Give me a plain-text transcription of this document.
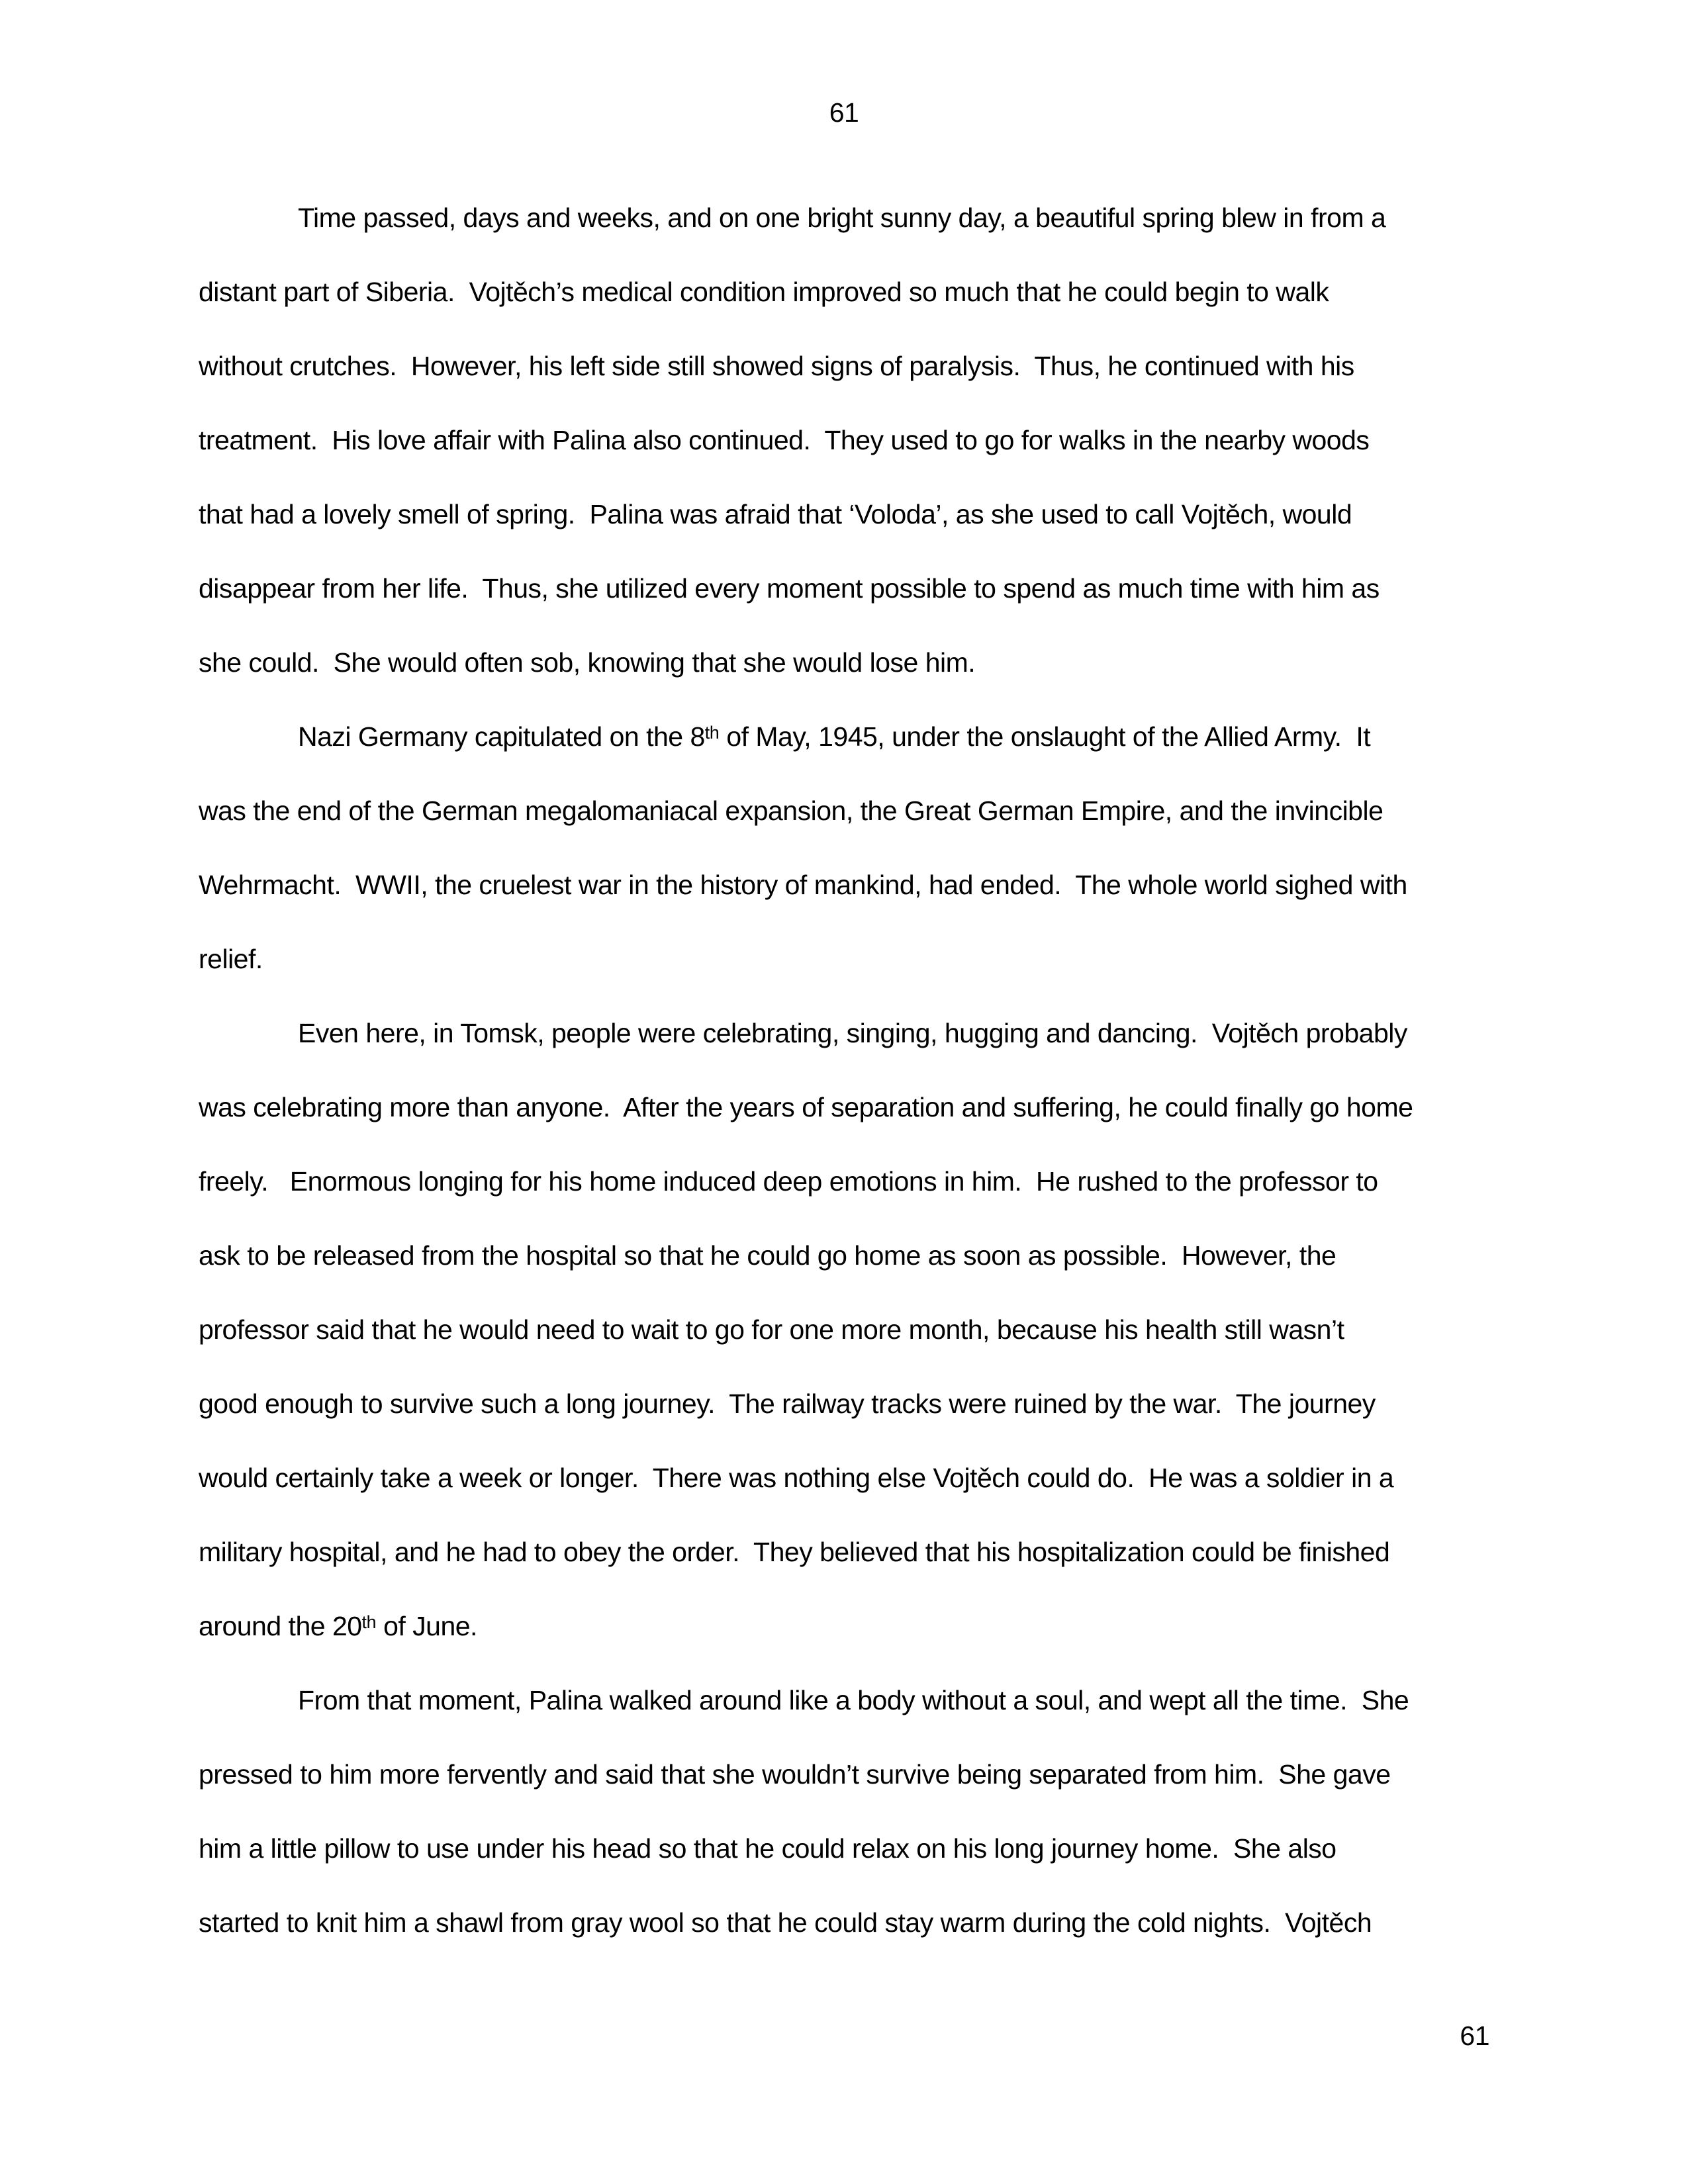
61
Time passed, days and weeks, and on one bright sunny day, a beautiful spring blew in from a
distant part of Siberia.  Vojtěch’s medical condition improved so much that he could begin to walk
without crutches.  However, his left side still showed signs of paralysis.  Thus, he continued with his
treatment.  His love affair with Palina also continued.  They used to go for walks in the nearby woods
that had a lovely smell of spring.  Palina was afraid that ‘Voloda’, as she used to call Vojtěch, would
disappear from her life.  Thus, she utilized every moment possible to spend as much time with him as
she could.  She would often sob, knowing that she would lose him.
Nazi Germany capitulated on the 8th of May, 1945, under the onslaught of the Allied Army.  It
was the end of the German megalomaniacal expansion, the Great German Empire, and the invincible
Wehrmacht.  WWII, the cruelest war in the history of mankind, had ended.  The whole world sighed with
relief.
Even here, in Tomsk, people were celebrating, singing, hugging and dancing.  Vojtěch probably
was celebrating more than anyone.  After the years of separation and suffering, he could finally go home
freely.   Enormous longing for his home induced deep emotions in him.  He rushed to the professor to
ask to be released from the hospital so that he could go home as soon as possible.  However, the
professor said that he would need to wait to go for one more month, because his health still wasn’t
good enough to survive such a long journey.  The railway tracks were ruined by the war.  The journey
would certainly take a week or longer.  There was nothing else Vojtěch could do.  He was a soldier in a
military hospital, and he had to obey the order.  They believed that his hospitalization could be finished
around the 20th of June.
From that moment, Palina walked around like a body without a soul, and wept all the time.  She
pressed to him more fervently and said that she wouldn’t survive being separated from him.  She gave
him a little pillow to use under his head so that he could relax on his long journey home.  She also
started to knit him a shawl from gray wool so that he could stay warm during the cold nights.  Vojtěch
61
